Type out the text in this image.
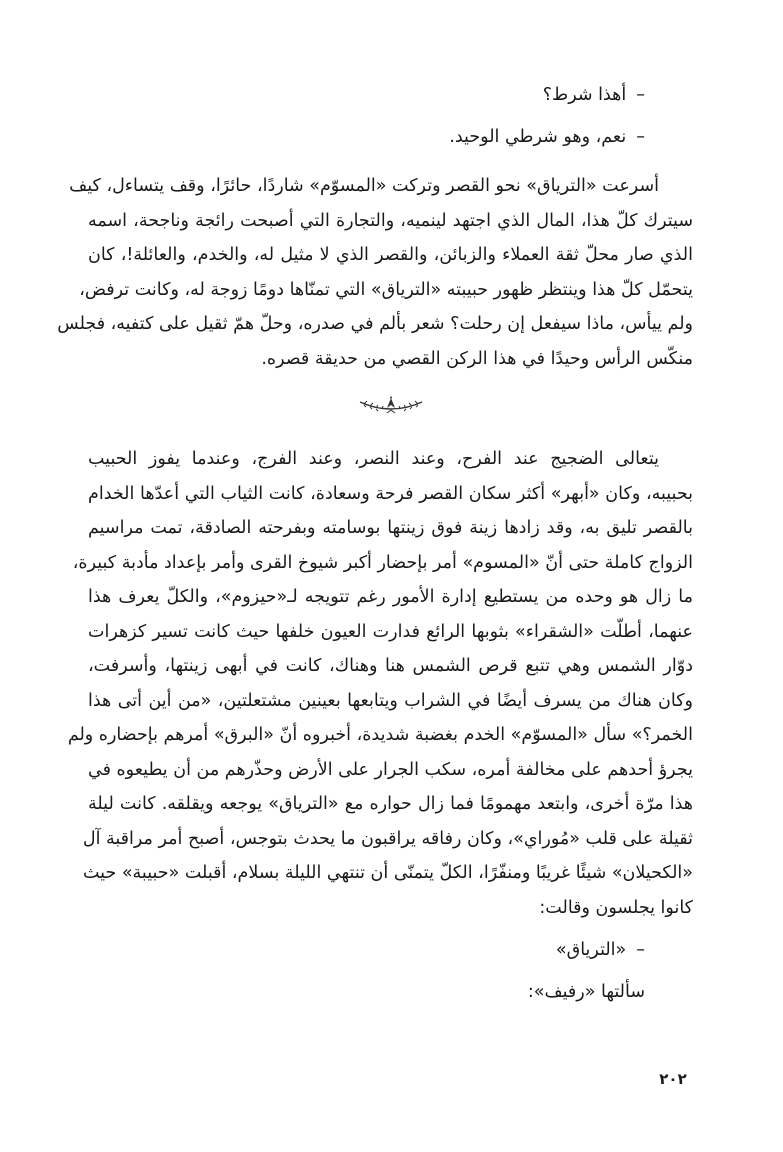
–أهذا شرط؟
–نعم، وهو شرطي الوحيد.
أسرعت «الترياق» نحو القصر وتركت «المسوّم» شاردًا، حائرًا، وقف يتساءل، كيف
سيترك كلّ هذا، المال الذي اجتهد لينميه، والتجارة التي أصبحت رائجة وناجحة، اسمه
الذي صار محلّ ثقة العملاء والزبائن، والقصر الذي لا مثيل له، والخدم، والعائلة!، كان
يتحمّل كلّ هذا وينتظر ظهور حبيبته «الترياق» التي تمنّاها دومًا زوجة له، وكانت ترفض،
ولم ييأس، ماذا سيفعل إن رحلت؟ شعر بألم في صدره، وحلّ همّ ثقيل على كتفيه، فجلس
منكّس الرأس وحيدًا في هذا الركن القصي من حديقة قصره.
يتعالى الضجيج عند الفرح، وعند النصر، وعند الفرج، وعندما يفوز الحبيب
بحبيبه، وكان «أبهر» أكثر سكان القصر فرحة وسعادة، كانت الثياب التي أعدّها الخدام
بالقصر تليق به، وقد زادها زينة فوق زينتها بوسامته وبفرحته الصادقة، تمت مراسيم
الزواج كاملة حتى أنّ «المسوم» أمر بإحضار أكبر شيوخ القرى وأمر بإعداد مأدبة كبيرة،
ما زال هو وحده من يستطيع إدارة الأمور رغم تتويجه لـ«حيزوم»، والكلّ يعرف هذا
عنهما، أطلّت «الشقراء» بثوبها الرائع فدارت العيون خلفها حيث كانت تسير كزهرات
دوّار الشمس وهي تتبع قرص الشمس هنا وهناك، كانت في أبهى زينتها، وأسرفت،
وكان هناك من يسرف أيضًا في الشراب ويتابعها بعينين مشتعلتين، «من أين أتى هذا
الخمر؟» سأل «المسوّم» الخدم بغضبة شديدة، أخبروه أنّ «البرق» أمرهم بإحضاره ولم
يجرؤ أحدهم على مخالفة أمره، سكب الجرار على الأرض وحذّرهم من أن يطيعوه في
هذا مرّة أخرى، وابتعد مهمومًا فما زال حواره مع «الترياق» يوجعه ويقلقه. كانت ليلة
ثقيلة على قلب «مُوراي»، وكان رفاقه يراقبون ما يحدث بتوجس، أصبح أمر مراقبة آل
«الكحيلان» شيئًا غريبًا ومنفّرًا، الكلّ يتمنّى أن تنتهي الليلة بسلام، أقبلت «حبيبة» حيث
كانوا يجلسون وقالت:
–«الترياق»
سألتها «رفيف»:
٢٠٢
